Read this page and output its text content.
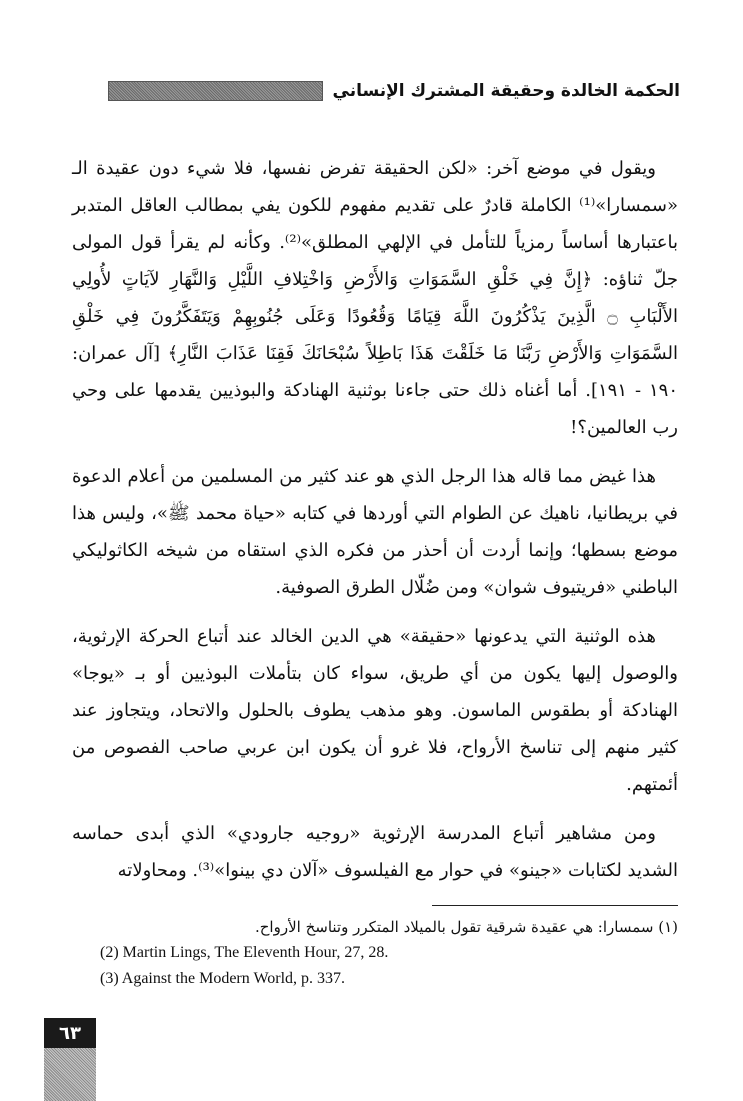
الحكمة الخالدة وحقيقة المشترك الإنساني

ويقول في موضع آخر: «لكن الحقيقة تفرض نفسها، فلا شيء دون عقيدة الـ «سمسارا»⁽¹⁾ الكاملة قادرٌ على تقديم مفهوم للكون يفي بمطالب العاقل المتدبر باعتبارها أساساً رمزياً للتأمل في الإلهي المطلق»⁽²⁾. وكأنه لم يقرأ قول المولى جلّ ثناؤه: ﴿إِنَّ فِي خَلْقِ السَّمَوَاتِ وَالأَرْضِ وَاخْتِلافِ اللَّيْلِ وَالنَّهَارِ لآيَاتٍ لأُولِي الأَلْبَابِ ۝ الَّذِينَ يَذْكُرُونَ اللَّهَ قِيَامًا وَقُعُودًا وَعَلَى جُنُوبِهِمْ وَيَتَفَكَّرُونَ فِي خَلْقِ السَّمَوَاتِ وَالأَرْضِ رَبَّنَا مَا خَلَقْتَ هَذَا بَاطِلاً سُبْحَانَكَ فَقِنَا عَذَابَ النَّارِ﴾ [آل عمران: ١٩٠ - ١٩١]. أما أغناه ذلك حتى جاءنا بوثنية الهنادكة والبوذيين يقدمها على وحي رب العالمين؟!

هذا غيض مما قاله هذا الرجل الذي هو عند كثير من المسلمين من أعلام الدعوة في بريطانيا، ناهيك عن الطوام التي أوردها في كتابه «حياة محمد ﷺ»، وليس هذا موضع بسطها؛ وإنما أردت أن أحذر من فكره الذي استقاه من شيخه الكاثوليكي الباطني «فريتيوف شوان» ومن ضُلّال الطرق الصوفية.

هذه الوثنية التي يدعونها «حقيقة» هي الدين الخالد عند أتباع الحركة الإرثوية، والوصول إليها يكون من أي طريق، سواء كان بتأملات البوذيين أو بـ «يوجا» الهنادكة أو بطقوس الماسون. وهو مذهب يطوف بالحلول والاتحاد، ويتجاوز عند كثير منهم إلى تناسخ الأرواح، فلا غرو أن يكون ابن عربي صاحب الفصوص من أئمتهم.

ومن مشاهير أتباع المدرسة الإرثوية «روجيه جارودي» الذي أبدى حماسه الشديد لكتابات «جينو» في حوار مع الفيلسوف «آلان دي بينوا»⁽³⁾. ومحاولاته

(١) سمسارا: هي عقيدة شرقية تقول بالميلاد المتكرر وتناسخ الأرواح.
(2) Martin Lings, The Eleventh Hour, 27, 28.
(3) Against the Modern World, p. 337.
٦٣
